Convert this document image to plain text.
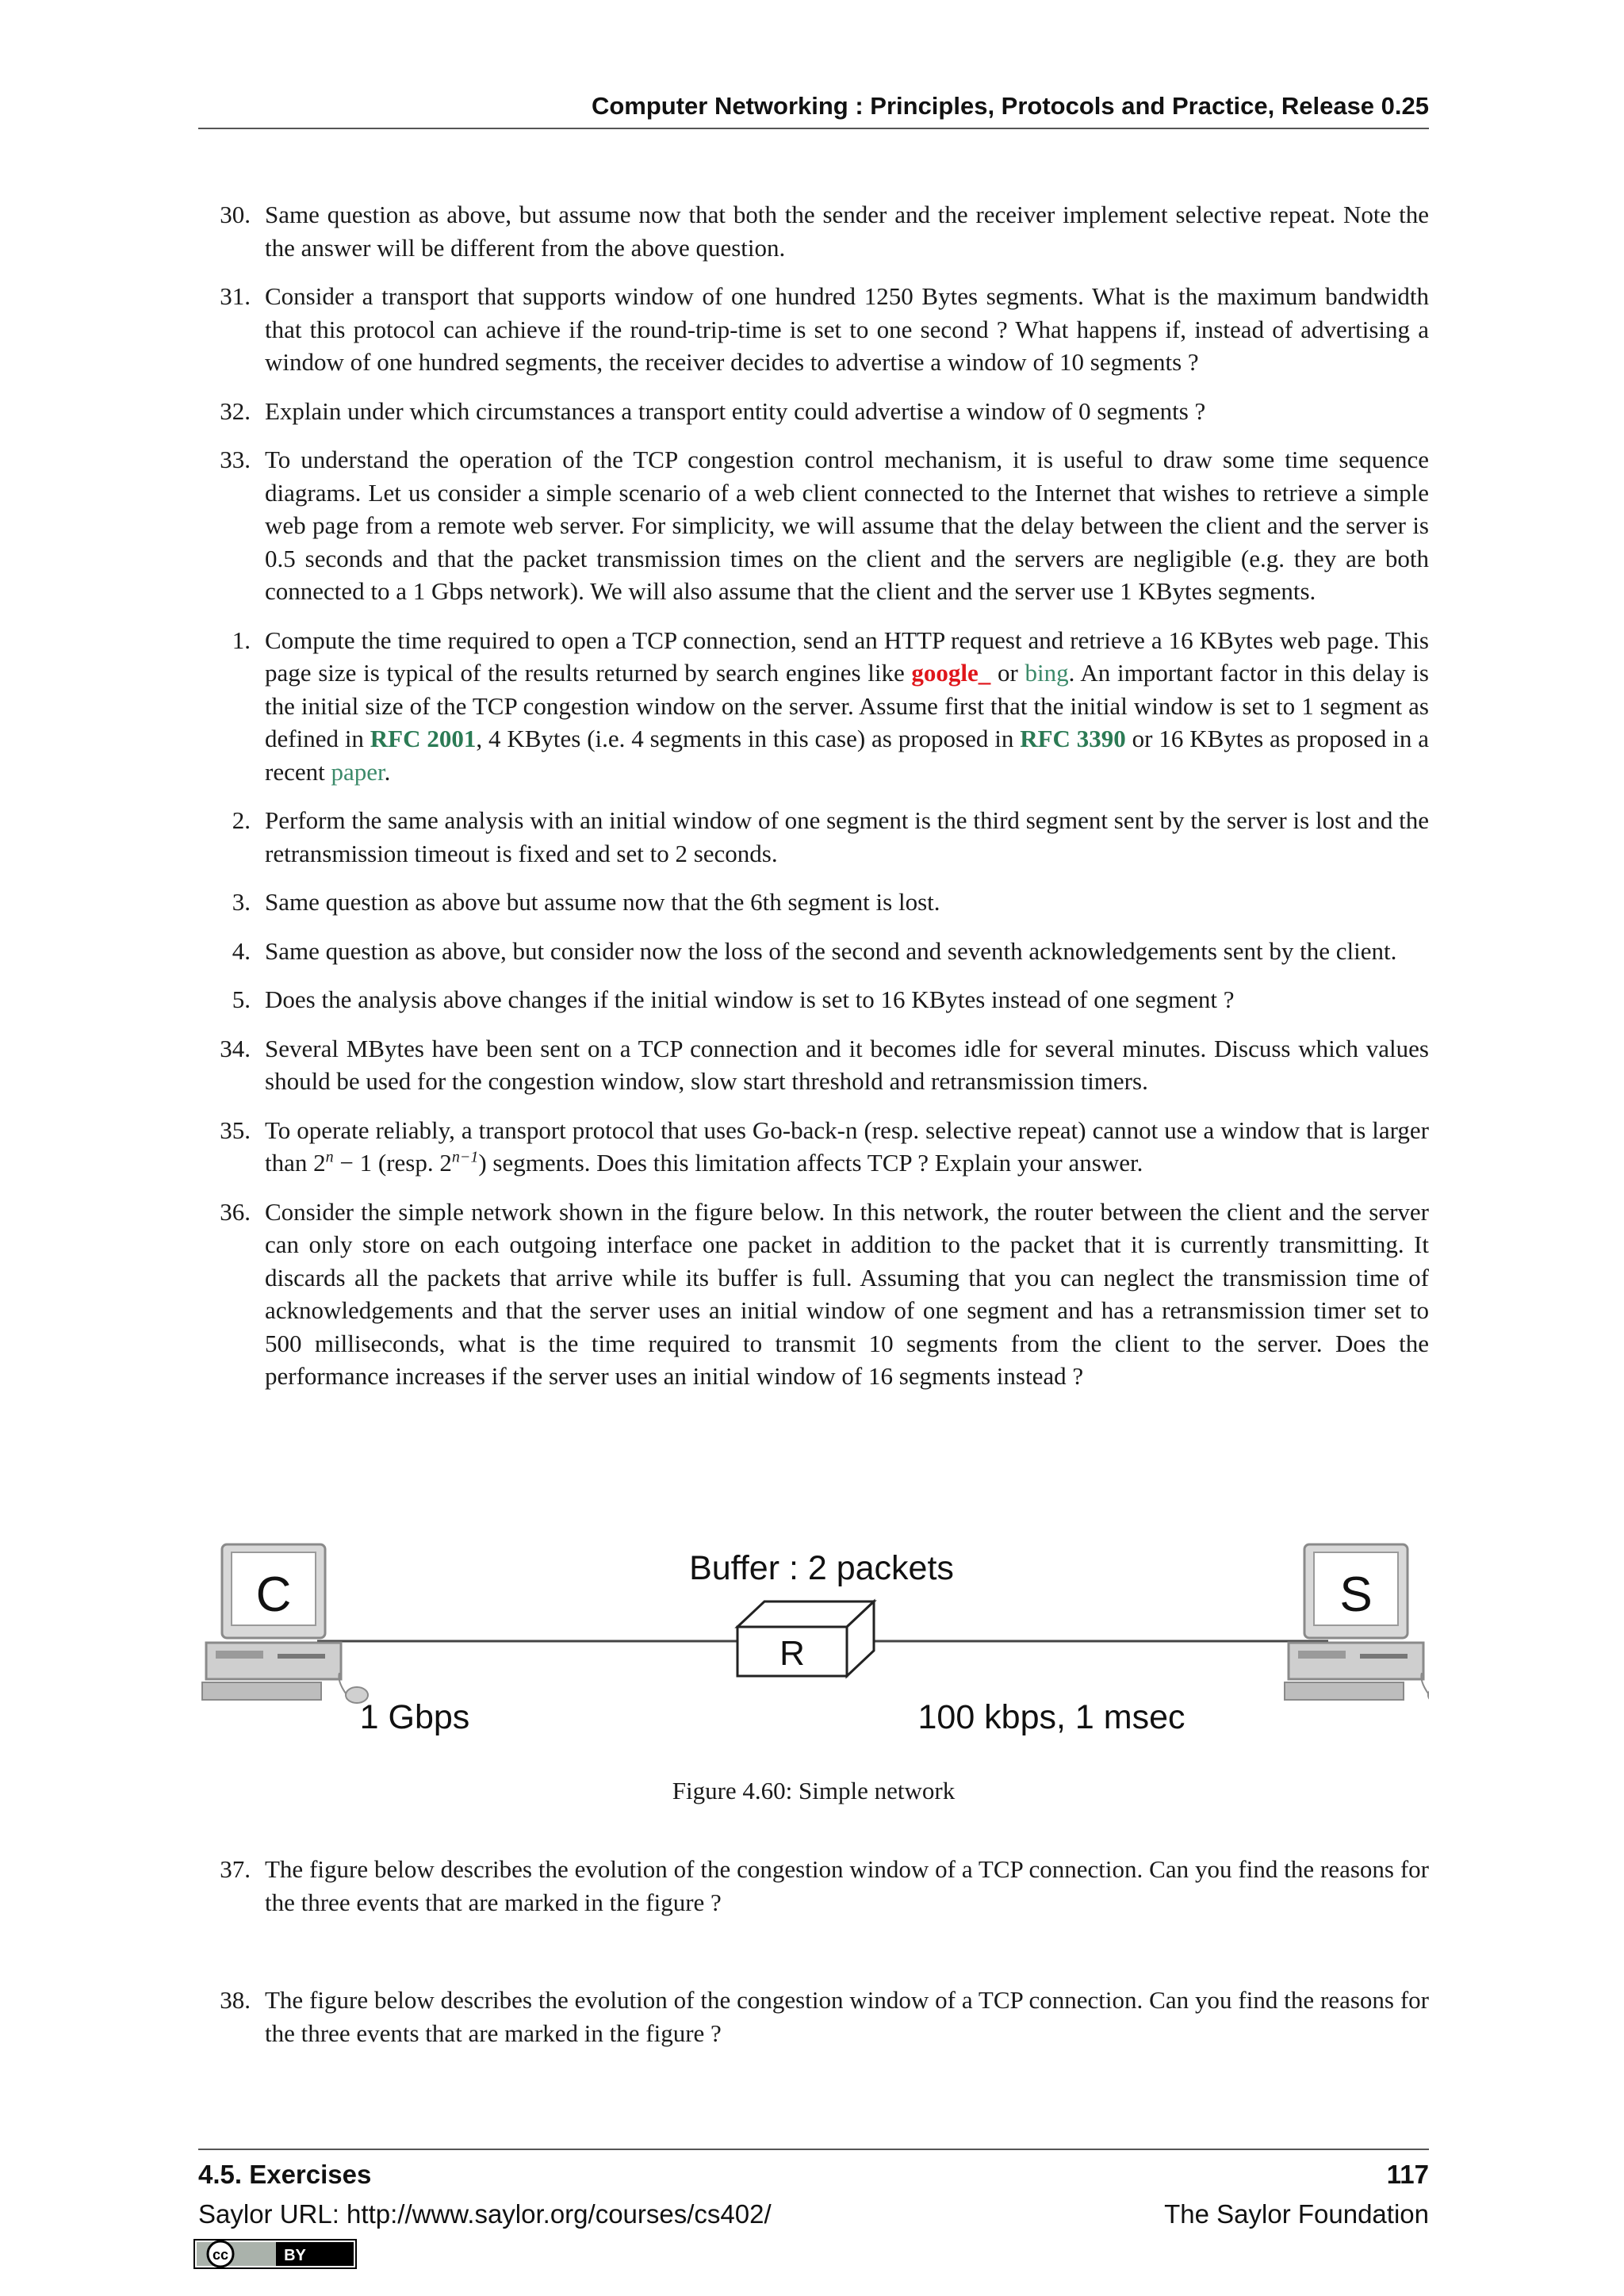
Computer Networking : Principles, Protocols and Practice, Release 0.25
30. Same question as above, but assume now that both the sender and the receiver implement selective repeat. Note the the answer will be different from the above question.
31. Consider a transport that supports window of one hundred 1250 Bytes segments. What is the maximum bandwidth that this protocol can achieve if the round-trip-time is set to one second ? What happens if, instead of advertising a window of one hundred segments, the receiver decides to advertise a window of 10 segments ?
32. Explain under which circumstances a transport entity could advertise a window of 0 segments ?
33. To understand the operation of the TCP congestion control mechanism, it is useful to draw some time sequence diagrams. Let us consider a simple scenario of a web client connected to the Internet that wishes to retrieve a simple web page from a remote web server. For simplicity, we will assume that the delay between the client and the server is 0.5 seconds and that the packet transmission times on the client and the servers are negligible (e.g. they are both connected to a 1 Gbps network). We will also assume that the client and the server use 1 KBytes segments.
1. Compute the time required to open a TCP connection, send an HTTP request and retrieve a 16 KBytes web page. This page size is typical of the results returned by search engines like google_ or bing. An important factor in this delay is the initial size of the TCP congestion window on the server. Assume first that the initial window is set to 1 segment as defined in RFC 2001, 4 KBytes (i.e. 4 segments in this case) as proposed in RFC 3390 or 16 KBytes as proposed in a recent paper.
2. Perform the same analysis with an initial window of one segment is the third segment sent by the server is lost and the retransmission timeout is fixed and set to 2 seconds.
3. Same question as above but assume now that the 6th segment is lost.
4. Same question as above, but consider now the loss of the second and seventh acknowledgements sent by the client.
5. Does the analysis above changes if the initial window is set to 16 KBytes instead of one segment ?
34. Several MBytes have been sent on a TCP connection and it becomes idle for several minutes. Discuss which values should be used for the congestion window, slow start threshold and retransmission timers.
35. To operate reliably, a transport protocol that uses Go-back-n (resp. selective repeat) cannot use a window that is larger than $2^n - 1$ (resp. $2^{n-1}$) segments. Does this limitation affects TCP ? Explain your answer.
36. Consider the simple network shown in the figure below. In this network, the router between the client and the server can only store on each outgoing interface one packet in addition to the packet that it is currently transmitting. It discards all the packets that arrive while its buffer is full. Assuming that you can neglect the transmission time of acknowledgements and that the server uses an initial window of one segment and has a retransmission timer set to 500 milliseconds, what is the time required to transmit 10 segments from the client to the server. Does the performance increases if the server uses an initial window of 16 segments instead ?
C	S
R
Buffer : 2 packets
1 Gbps	100 kbps, 1 msec
Figure 4.60: Simple network
37. The figure below describes the evolution of the congestion window of a TCP connection. Can you find the reasons for the three events that are marked in the figure ?
38. The figure below describes the evolution of the congestion window of a TCP connection. Can you find the reasons for the three events that are marked in the figure ?
4.5. Exercises	117
Saylor URL: http://www.saylor.org/courses/cs402/	The Saylor Foundation
cc	BY
